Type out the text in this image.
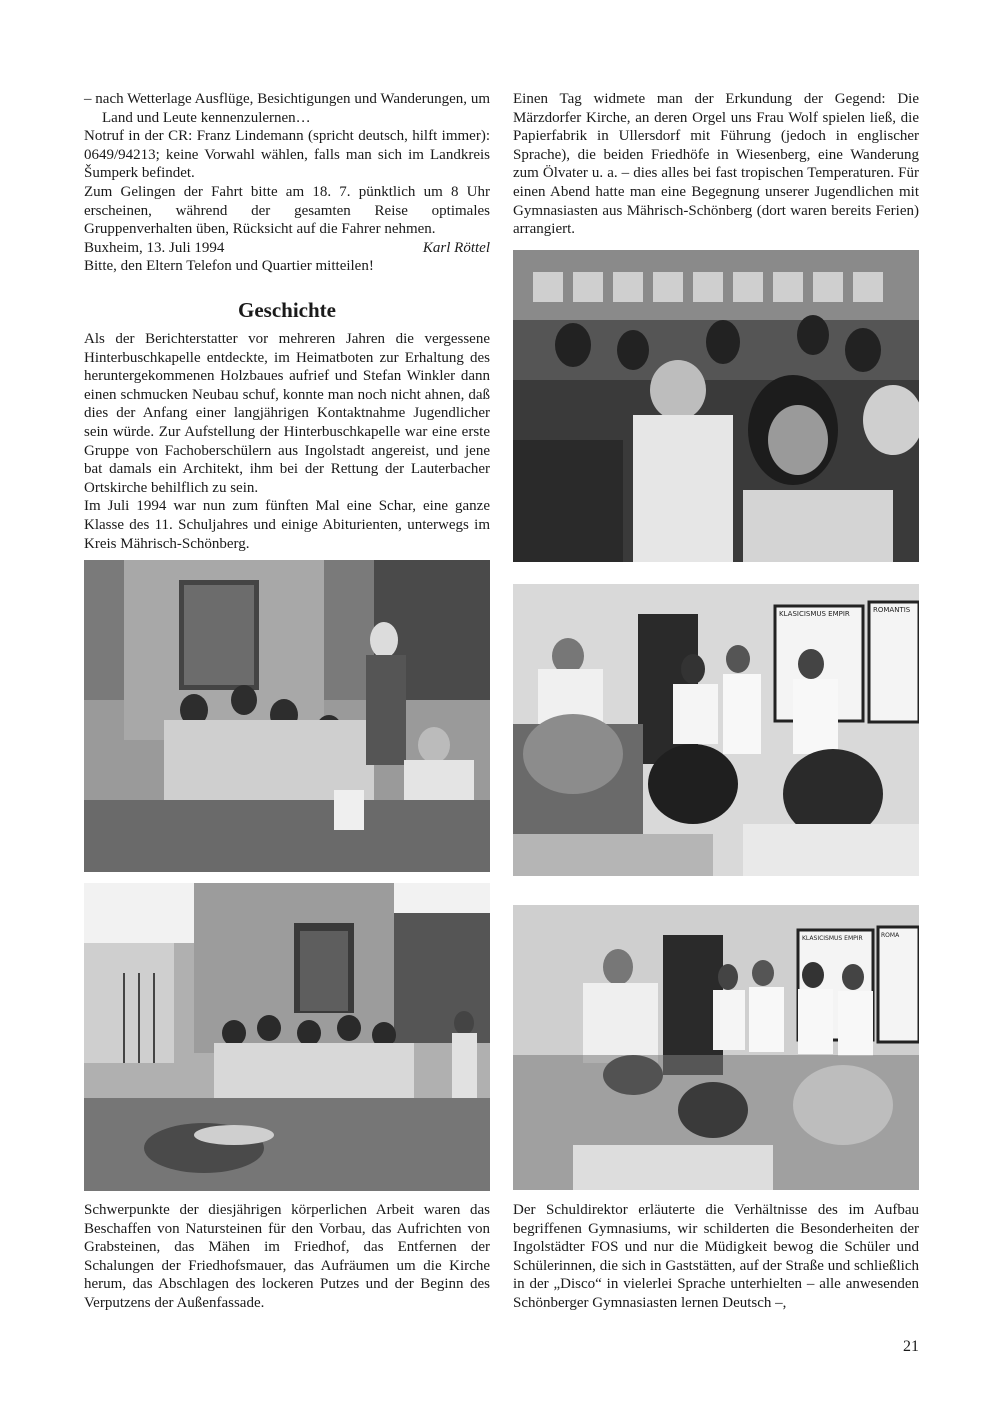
– nach Wetterlage Ausflüge, Besichtigungen und Wanderungen, um Land und Leute kennenzulernen…

Notruf in der CR: Franz Lindemann (spricht deutsch, hilft immer): 0649/94213; keine Vorwahl wählen, falls man sich im Landkreis Šumperk befindet.

Zum Gelingen der Fahrt bitte am 18. 7. pünktlich um 8 Uhr erscheinen, während der gesamten Reise optimales Gruppenverhalten üben, Rücksicht auf die Fahrer nehmen.

Buxheim, 13. Juli 1994	Karl Röttel

Bitte, den Eltern Telefon und Quartier mitteilen!

Geschichte

Als der Berichterstatter vor mehreren Jahren die vergessene Hinterbuschkapelle entdeckte, im Heimatboten zur Erhaltung des heruntergekommenen Holzbaues aufrief und Stefan Winkler dann einen schmucken Neubau schuf, konnte man noch nicht ahnen, daß dies der Anfang einer langjährigen Kontaktnahme Jugendlicher sein würde. Zur Aufstellung der Hinterbuschkapelle war eine erste Gruppe von Fachoberschülern aus Ingolstadt angereist, und jene bat damals ein Architekt, ihm bei der Rettung der Lauterbacher Ortskirche behilflich zu sein.

Im Juli 1994 war nun zum fünften Mal eine Schar, eine ganze Klasse des 11. Schuljahres und einige Abiturienten, unterwegs im Kreis Mährisch-Schönberg.

Einen Tag widmete man der Erkundung der Gegend: Die Märzdorfer Kirche, an deren Orgel uns Frau Wolf spielen ließ, die Papierfabrik in Ullersdorf mit Führung (jedoch in englischer Sprache), die beiden Friedhöfe in Wiesenberg, eine Wanderung zum Ölvater u. a. – dies alles bei fast tropischen Temperaturen. Für einen Abend hatte man eine Begegnung unserer Jugendlichen mit Gymnasiasten aus Mährisch-Schönberg (dort waren bereits Ferien) arrangiert.

KLASICISMUS EMPIR	ROMANTIS
KLASICISMUS EMPIR	ROMA

Schwerpunkte der diesjährigen körperlichen Arbeit waren das Beschaffen von Natursteinen für den Vorbau, das Aufrichten von Grabsteinen, das Mähen im Friedhof, das Entfernen der Schalungen der Friedhofsmauer, das Aufräumen um die Kirche herum, das Abschlagen des lockeren Putzes und der Beginn des Verputzens der Außenfassade.

Der Schuldirektor erläuterte die Verhältnisse des im Aufbau begriffenen Gymnasiums, wir schilderten die Besonderheiten der Ingolstädter FOS und nur die Müdigkeit bewog die Schüler und Schülerinnen, die sich in Gaststätten, auf der Straße und schließlich in der „Disco“ in vielerlei Sprache unterhielten – alle anwesenden Schönberger Gymnasiasten lernen Deutsch –,

21
